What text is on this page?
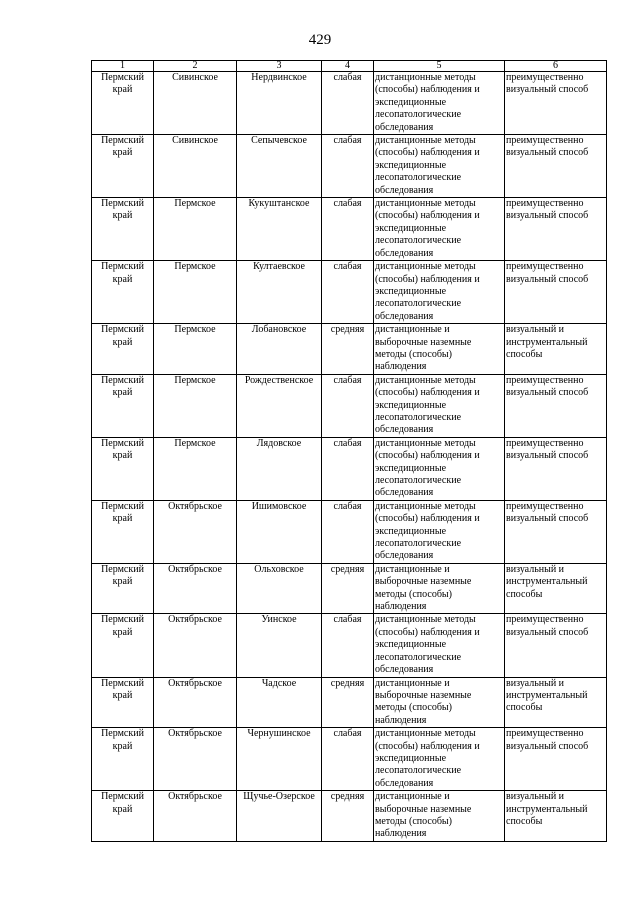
429
1	2	3	4	5	6
Пермский край	Сивинское	Нердвинское	слабая	дистанционные методы (способы) наблюдения и экспедиционные лесопатологические обследования	преимущественно визуальный способ
Пермский край	Сивинское	Сепычевское	слабая	дистанционные методы (способы) наблюдения и экспедиционные лесопатологические обследования	преимущественно визуальный способ
Пермский край	Пермское	Кукуштанское	слабая	дистанционные методы (способы) наблюдения и экспедиционные лесопатологические обследования	преимущественно визуальный способ
Пермский край	Пермское	Култаевское	слабая	дистанционные методы (способы) наблюдения и экспедиционные лесопатологические обследования	преимущественно визуальный способ
Пермский край	Пермское	Лобановское	средняя	дистанционные и выборочные наземные методы (способы) наблюдения	визуальный и инструментальный способы
Пермский край	Пермское	Рождественское	слабая	дистанционные методы (способы) наблюдения и экспедиционные лесопатологические обследования	преимущественно визуальный способ
Пермский край	Пермское	Лядовское	слабая	дистанционные методы (способы) наблюдения и экспедиционные лесопатологические обследования	преимущественно визуальный способ
Пермский край	Октябрьское	Ишимовское	слабая	дистанционные методы (способы) наблюдения и экспедиционные лесопатологические обследования	преимущественно визуальный способ
Пермский край	Октябрьское	Ольховское	средняя	дистанционные и выборочные наземные методы (способы) наблюдения	визуальный и инструментальный способы
Пермский край	Октябрьское	Уинское	слабая	дистанционные методы (способы) наблюдения и экспедиционные лесопатологические обследования	преимущественно визуальный способ
Пермский край	Октябрьское	Чадское	средняя	дистанционные и выборочные наземные методы (способы) наблюдения	визуальный и инструментальный способы
Пермский край	Октябрьское	Чернушинское	слабая	дистанционные методы (способы) наблюдения и экспедиционные лесопатологические обследования	преимущественно визуальный способ
Пермский край	Октябрьское	Щучье-Озерское	средняя	дистанционные и выборочные наземные методы (способы) наблюдения	визуальный и инструментальный способы
